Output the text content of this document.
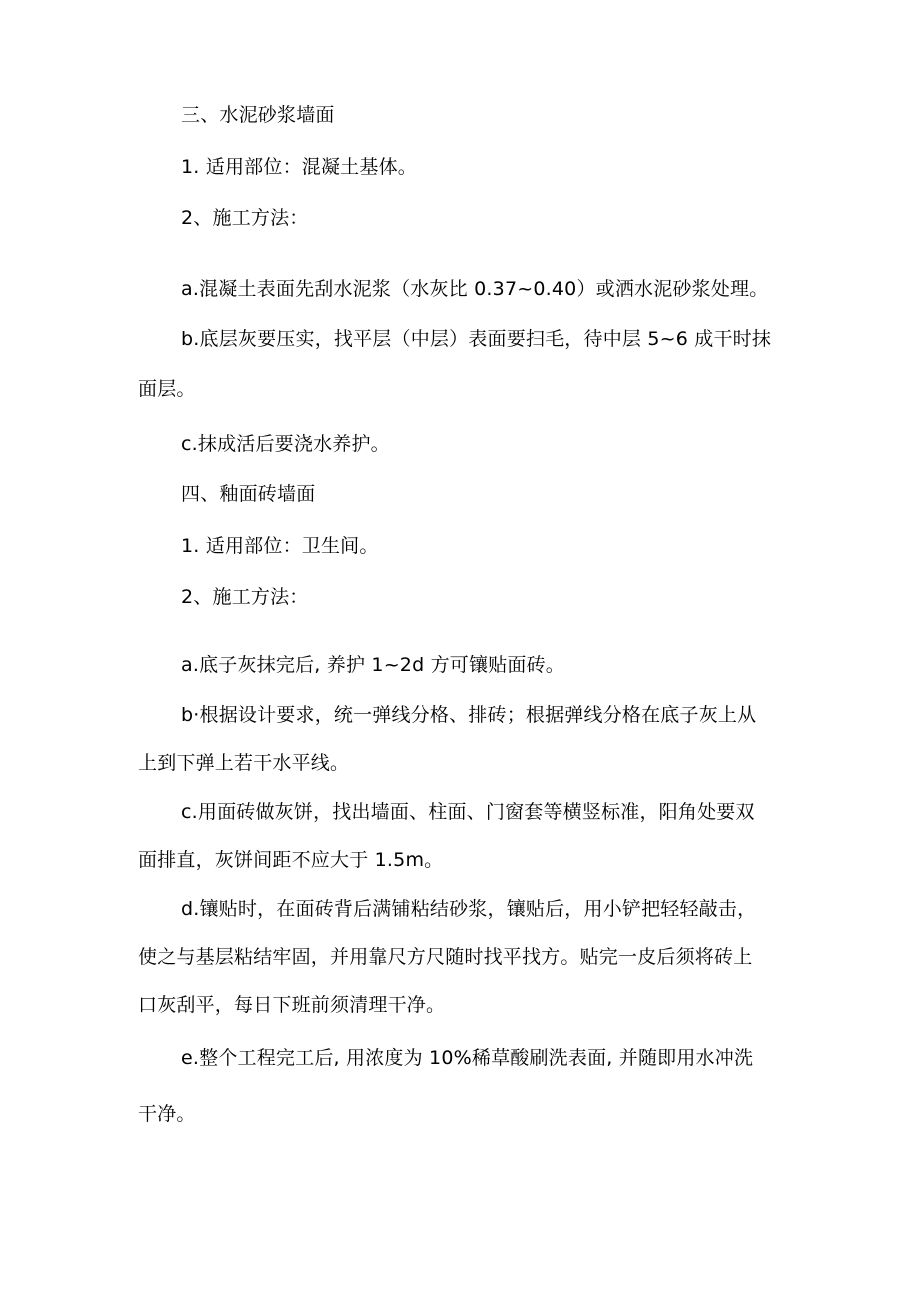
三、水泥砂浆墙面
1. 适用部位：混凝土基体。
2、施工方法：
a.混凝土表面先刮水泥浆（水灰比 0.37~0.40）或洒水泥砂浆处理。
b.底层灰要压实，找平层（中层）表面要扫毛，待中层 5~6 成干时抹
面层。
c.抹成活后要浇水养护。
四、釉面砖墙面
1. 适用部位：卫生间。
2、施工方法：
a.底子灰抹完后, 养护 1~2d 方可镶贴面砖。
b·根据设计要求，统一弹线分格、排砖；根据弹线分格在底子灰上从
上到下弹上若干水平线。
c.用面砖做灰饼，找出墙面、柱面、门窗套等横竖标准，阳角处要双
面排直，灰饼间距不应大于 1.5m。
d.镶贴时，在面砖背后满铺粘结砂浆，镶贴后，用小铲把轻轻敲击，
使之与基层粘结牢固，并用靠尺方尺随时找平找方。贴完一皮后须将砖上
口灰刮平，每日下班前须清理干净。
e.整个工程完工后, 用浓度为 10%稀草酸刷洗表面, 并随即用水冲洗
干净。
